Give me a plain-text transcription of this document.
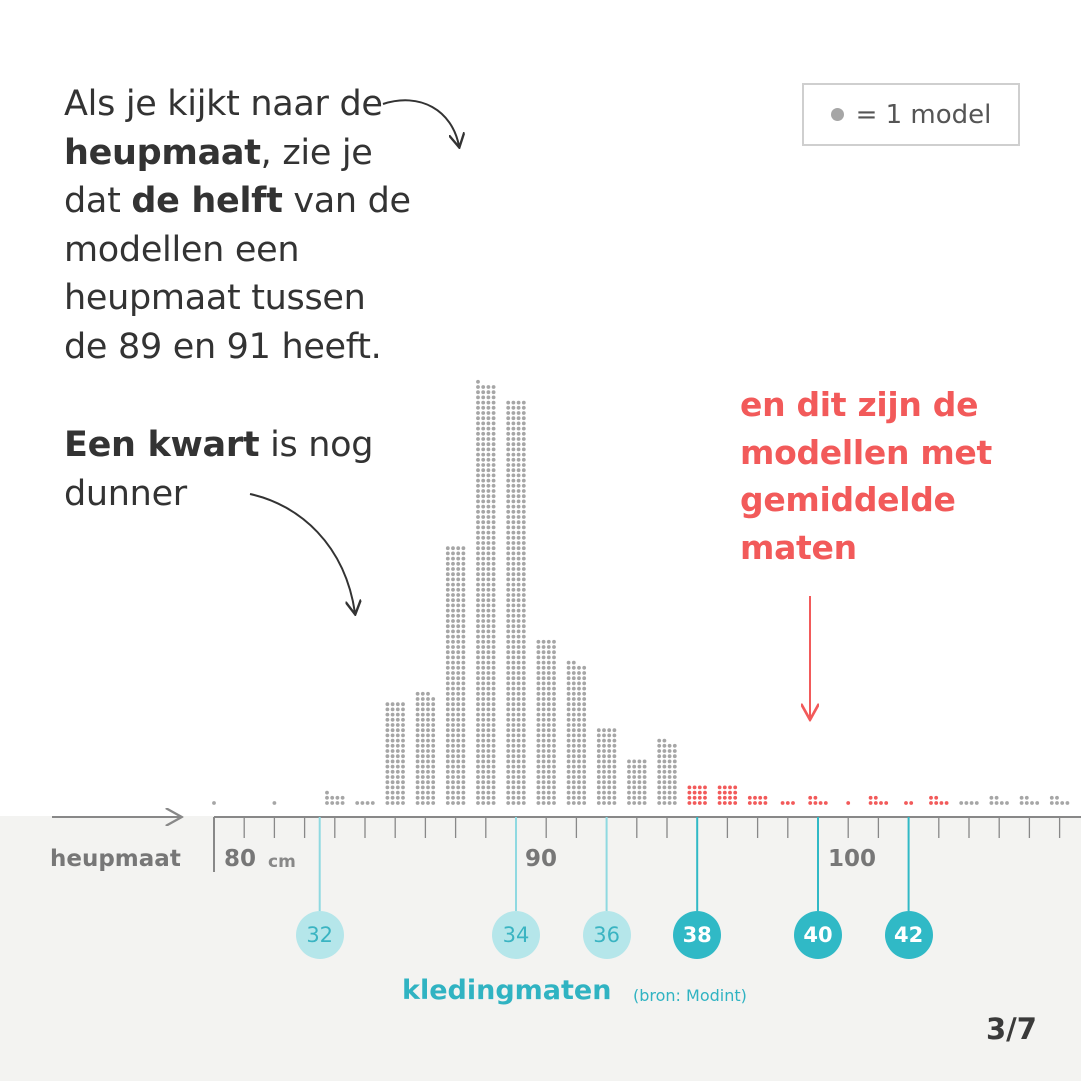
Als je kijkt naar de
heupmaat, zie je
dat de helft van de
modellen een
heupmaat tussen
de 89 en 91 heeft.

Een kwart is nog
dunner

= 1 model

en dit zijn de
modellen met
gemiddelde
maten

heupmaat 80 cm	90	100
32	34	36	38	40	42
kledingmaten (bron: Modint)
3/7
